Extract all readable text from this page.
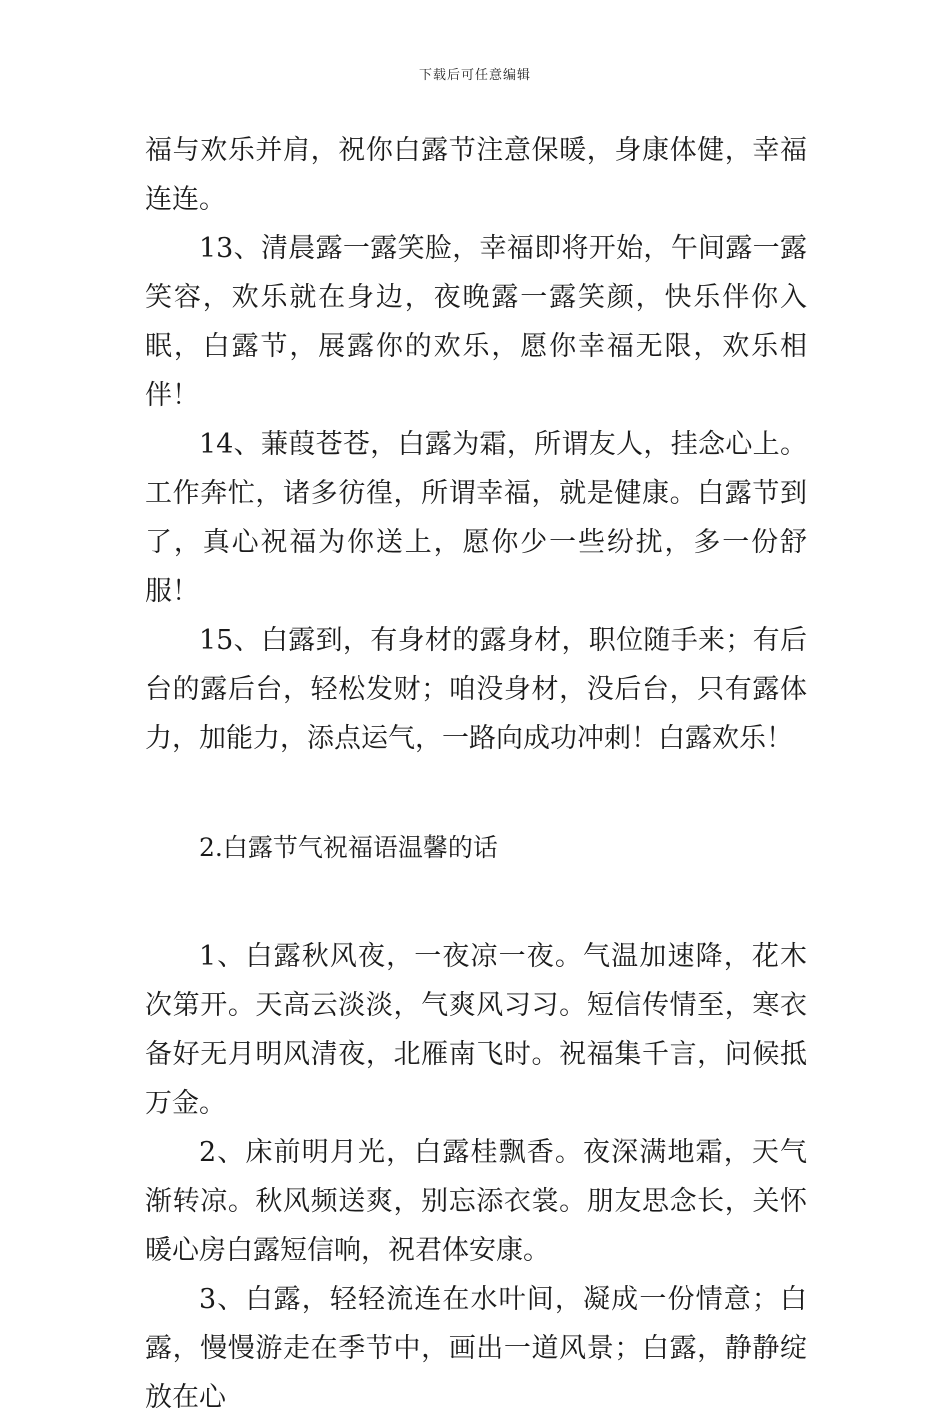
下载后可任意编辑

福与欢乐并肩，祝你白露节注意保暖，身康体健，幸福连连。

13、清晨露一露笑脸，幸福即将开始，午间露一露笑容，欢乐就在身边，夜晚露一露笑颜，快乐伴你入眠，白露节，展露你的欢乐，愿你幸福无限，欢乐相伴！

14、蒹葭苍苍，白露为霜，所谓友人，挂念心上。工作奔忙，诸多彷徨，所谓幸福，就是健康。白露节到了，真心祝福为你送上，愿你少一些纷扰，多一份舒服！

15、白露到，有身材的露身材，职位随手来；有后台的露后台，轻松发财；咱没身材，没后台，只有露体力，加能力，添点运气，一路向成功冲刺！白露欢乐！

2.白露节气祝福语温馨的话

1、白露秋风夜，一夜凉一夜。气温加速降，花木次第开。天高云淡淡，气爽风习习。短信传情至，寒衣备好无月明风清夜，北雁南飞时。祝福集千言，问候抵万金。

2、床前明月光，白露桂飘香。夜深满地霜，天气渐转凉。秋风频送爽，别忘添衣裳。朋友思念长，关怀暖心房白露短信响，祝君体安康。

3、白露，轻轻流连在水叶间，凝成一份情意；白露，慢慢游走在季节中，画出一道风景；白露，静静绽放在心
